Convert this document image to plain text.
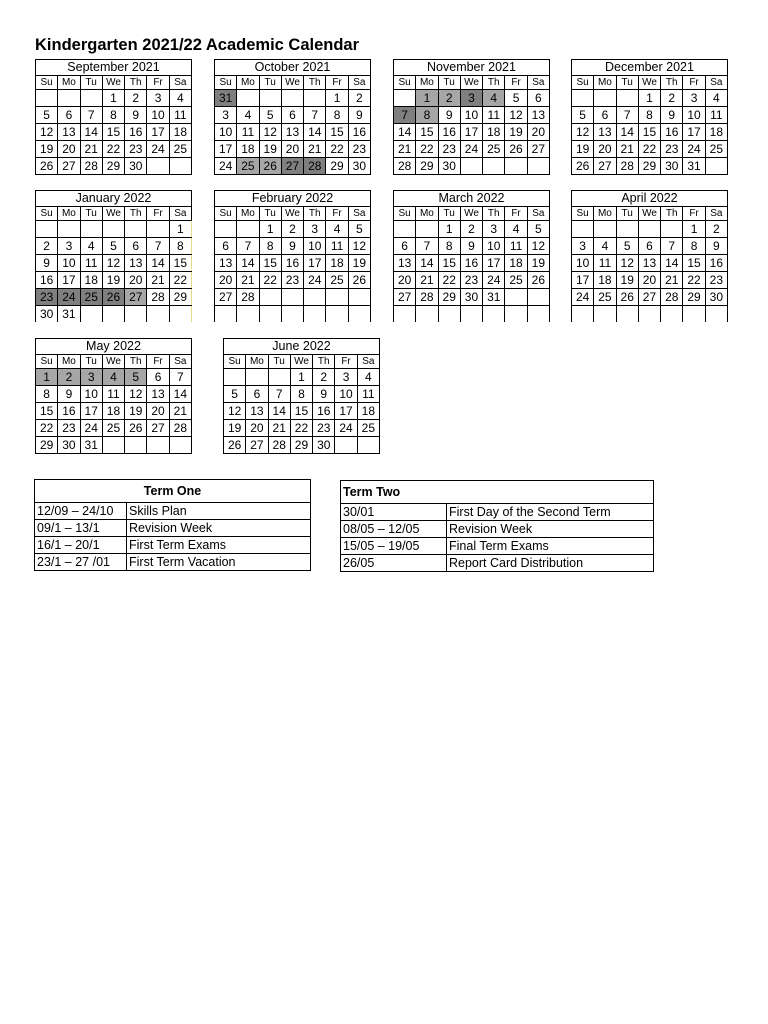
Kindergarten 2021/22 Academic Calendar
September 2021						
Su	Mo	Tu	We	Th	Fr	Sa
			1	2	3	4
5	6	7	8	9	10	11
12	13	14	15	16	17	18
19	20	21	22	23	24	25
26	27	28	29	30		
October 2021						
Su	Mo	Tu	We	Th	Fr	Sa
31					1	2
3	4	5	6	7	8	9
10	11	12	13	14	15	16
17	18	19	20	21	22	23
24	25	26	27	28	29	30
November 2021						
Su	Mo	Tu	We	Th	Fr	Sa
	1	2	3	4	5	6
7	8	9	10	11	12	13
14	15	16	17	18	19	20
21	22	23	24	25	26	27
28	29	30				
December 2021						
Su	Mo	Tu	We	Th	Fr	Sa
			1	2	3	4
5	6	7	8	9	10	11
12	13	14	15	16	17	18
19	20	21	22	23	24	25
26	27	28	29	30	31	
January 2022						
Su	Mo	Tu	We	Th	Fr	Sa
						1
2	3	4	5	6	7	8
9	10	11	12	13	14	15
16	17	18	19	20	21	22
23	24	25	26	27	28	29
30	31					
February 2022						
Su	Mo	Tu	We	Th	Fr	Sa
		1	2	3	4	5
6	7	8	9	10	11	12
13	14	15	16	17	18	19
20	21	22	23	24	25	26
27	28					

March 2022						
Su	Mo	Tu	We	Th	Fr	Sa
		1	2	3	4	5
6	7	8	9	10	11	12
13	14	15	16	17	18	19
20	21	22	23	24	25	26
27	28	29	30	31		

April 2022						
Su	Mo	Tu	We	Th	Fr	Sa
					1	2
3	4	5	6	7	8	9
10	11	12	13	14	15	16
17	18	19	20	21	22	23
24	25	26	27	28	29	30

May 2022						
Su	Mo	Tu	We	Th	Fr	Sa
1	2	3	4	5	6	7
8	9	10	11	12	13	14
15	16	17	18	19	20	21
22	23	24	25	26	27	28
29	30	31				
June 2022						
Su	Mo	Tu	We	Th	Fr	Sa
			1	2	3	4
5	6	7	8	9	10	11
12	13	14	15	16	17	18
19	20	21	22	23	24	25
26	27	28	29	30		
Term One	
12/09 – 24/10	Skills Plan
09/1 – 13/1	Revision Week
16/1 – 20/1	First Term Exams
23/1 – 27 /01	First Term Vacation
Term Two	
30/01	First Day of the Second Term
08/05 – 12/05	Revision Week
15/05 – 19/05	Final Term Exams
26/05	Report Card Distribution
